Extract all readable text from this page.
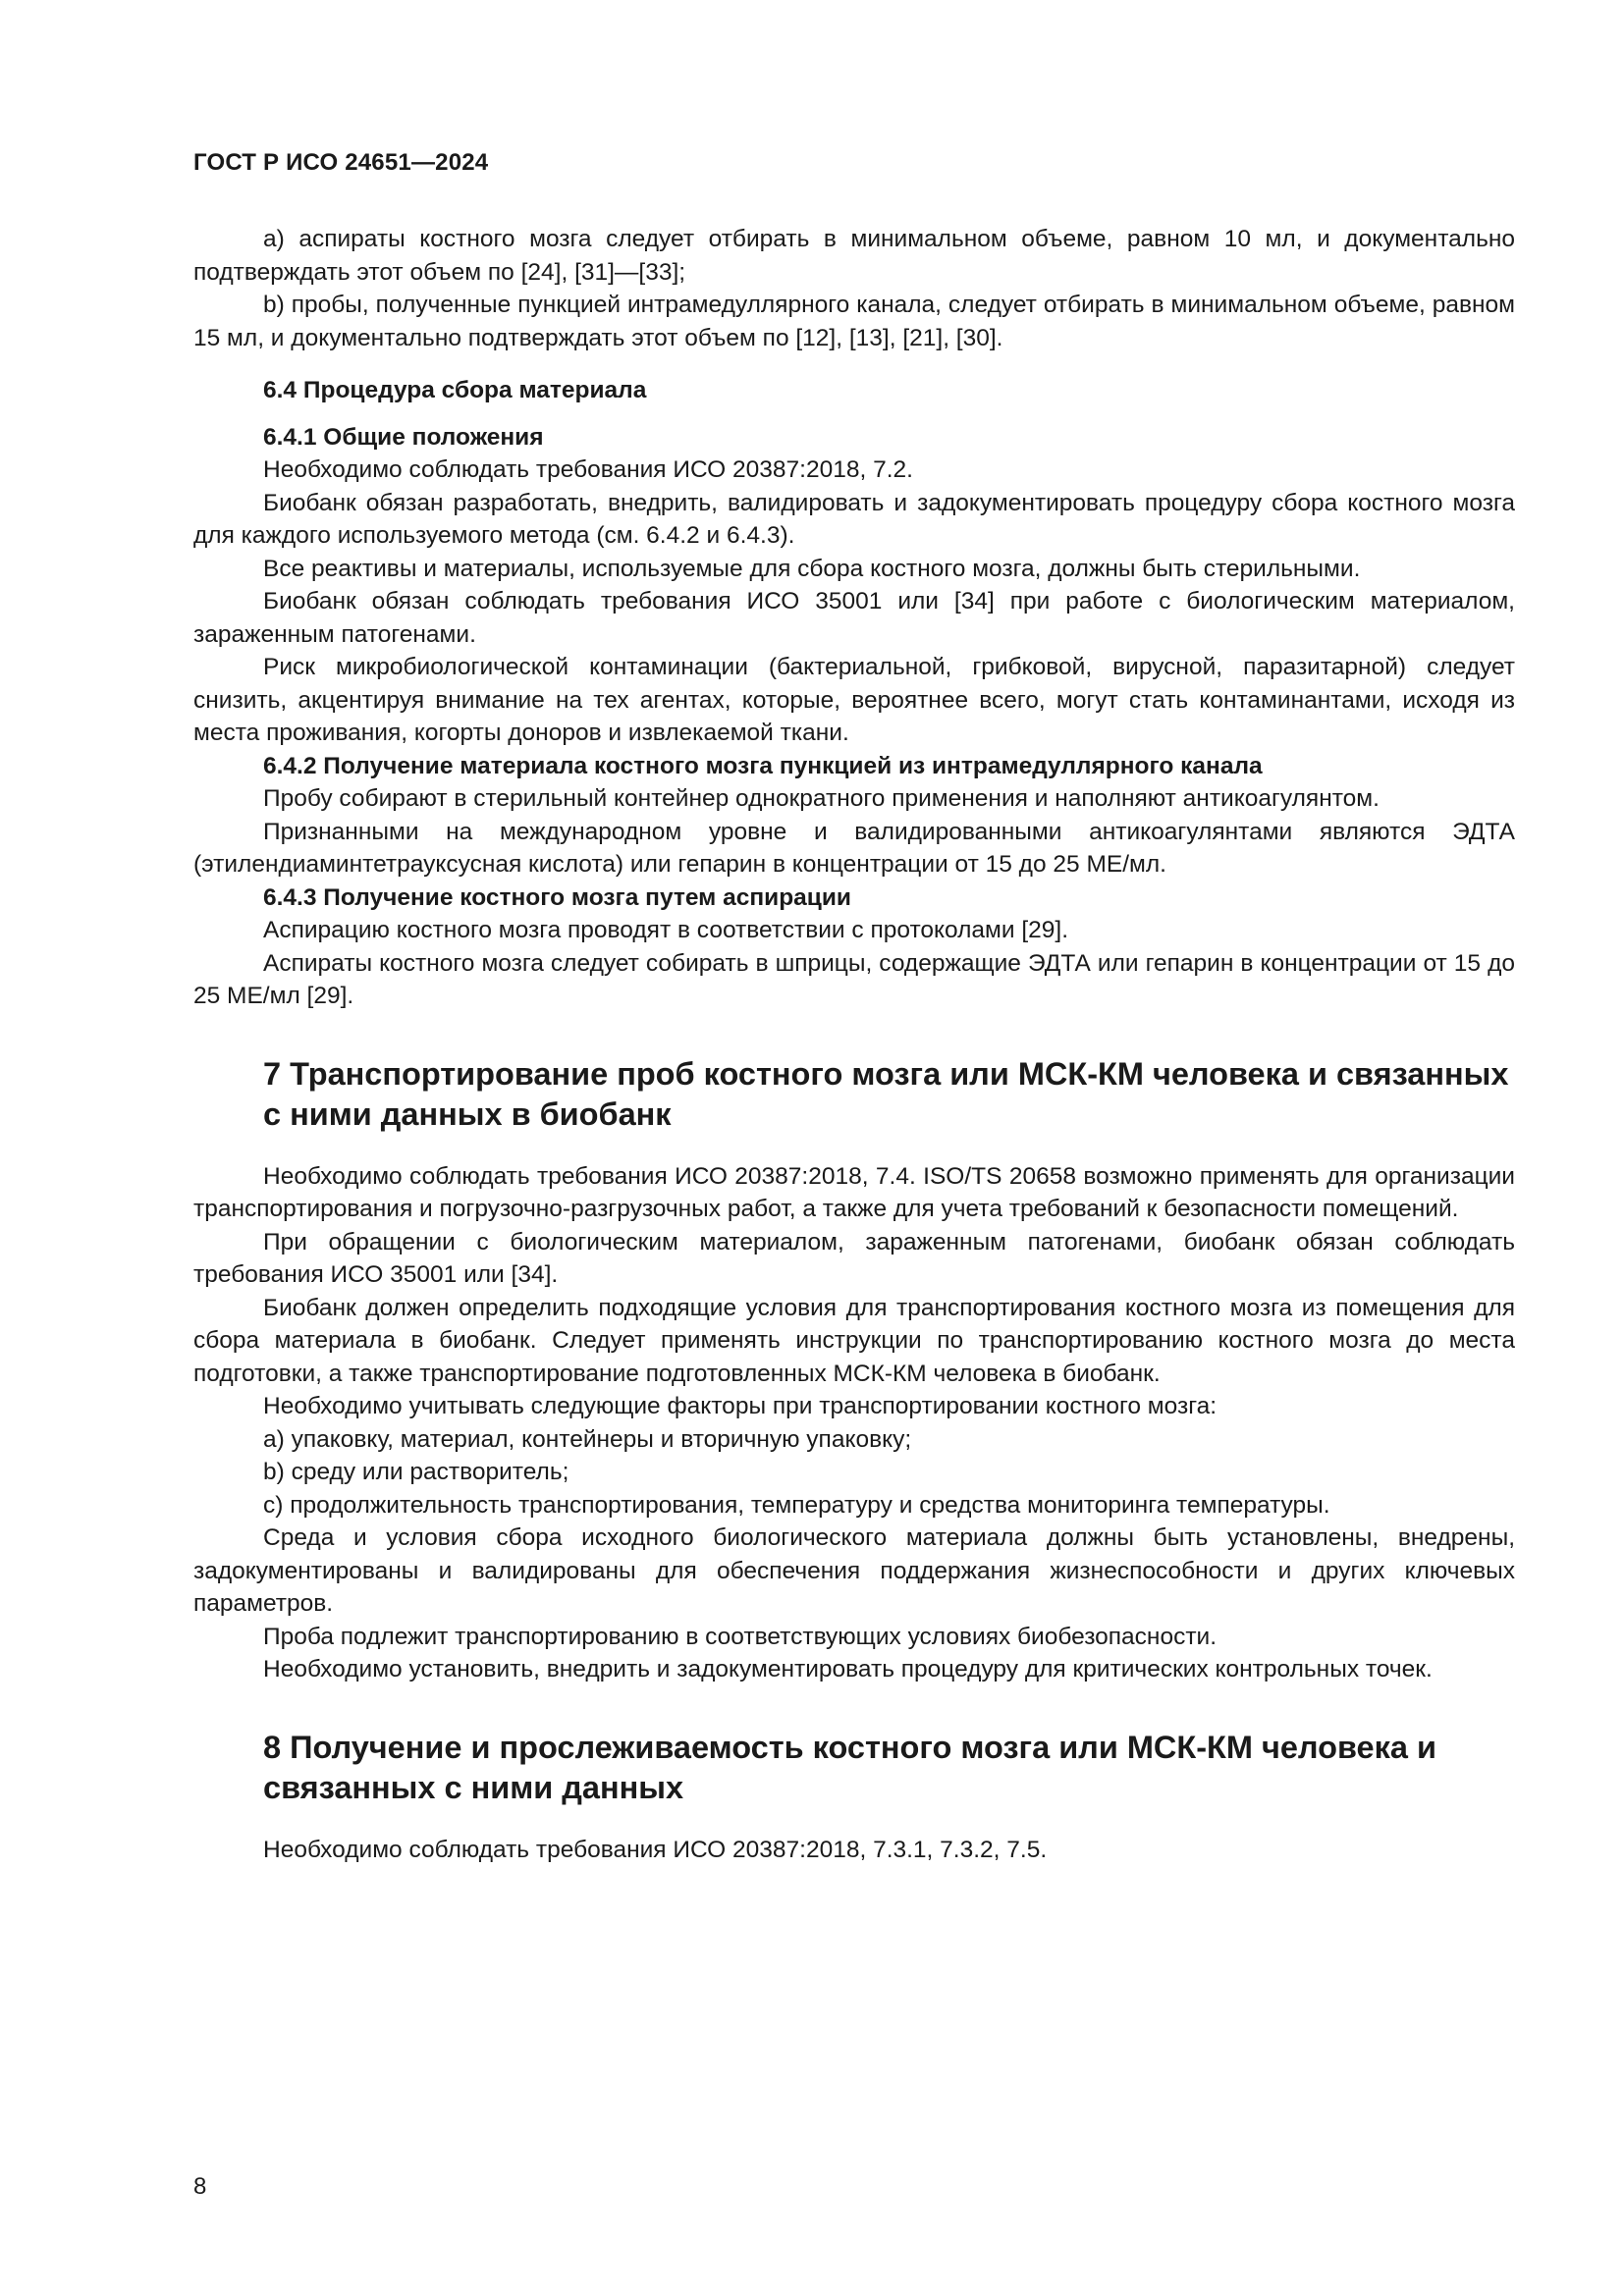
ГОСТ Р ИСО 24651—2024

a) аспираты костного мозга следует отбирать в минимальном объеме, равном 10 мл, и документально подтверждать этот объем по [24], [31]—[33];

b) пробы, полученные пункцией интрамедуллярного канала, следует отбирать в минимальном объеме, равном 15 мл, и документально подтверждать этот объем по [12], [13], [21], [30].

6.4 Процедура сбора материала

6.4.1 Общие положения

Необходимо соблюдать требования ИСО 20387:2018, 7.2.

Биобанк обязан разработать, внедрить, валидировать и задокументировать процедуру сбора костного мозга для каждого используемого метода (см. 6.4.2 и 6.4.3).

Все реактивы и материалы, используемые для сбора костного мозга, должны быть стерильными.

Биобанк обязан соблюдать требования ИСО 35001 или [34] при работе с биологическим материалом, зараженным патогенами.

Риск микробиологической контаминации (бактериальной, грибковой, вирусной, паразитарной) следует снизить, акцентируя внимание на тех агентах, которые, вероятнее всего, могут стать контаминантами, исходя из места проживания, когорты доноров и извлекаемой ткани.

6.4.2 Получение материала костного мозга пункцией из интрамедуллярного канала

Пробу собирают в стерильный контейнер однократного применения и наполняют антикоагулянтом.

Признанными на международном уровне и валидированными антикоагулянтами являются ЭДТА (этилендиаминтетрауксусная кислота) или гепарин в концентрации от 15 до 25 МЕ/мл.

6.4.3 Получение костного мозга путем аспирации

Аспирацию костного мозга проводят в соответствии с протоколами [29].

Аспираты костного мозга следует собирать в шприцы, содержащие ЭДТА или гепарин в концентрации от 15 до 25 МЕ/мл [29].

7 Транспортирование проб костного мозга или МСК-КМ человека и связанных с ними данных в биобанк

Необходимо соблюдать требования ИСО 20387:2018, 7.4. ISO/TS 20658 возможно применять для организации транспортирования и погрузочно-разгрузочных работ, а также для учета требований к безопасности помещений.

При обращении с биологическим материалом, зараженным патогенами, биобанк обязан соблюдать требования ИСО 35001 или [34].

Биобанк должен определить подходящие условия для транспортирования костного мозга из помещения для сбора материала в биобанк. Следует применять инструкции по транспортированию костного мозга до места подготовки, а также транспортирование подготовленных МСК-КМ человека в биобанк.

Необходимо учитывать следующие факторы при транспортировании костного мозга:

a) упаковку, материал, контейнеры и вторичную упаковку;

b) среду или растворитель;

c) продолжительность транспортирования, температуру и средства мониторинга температуры.

Среда и условия сбора исходного биологического материала должны быть установлены, внедрены, задокументированы и валидированы для обеспечения поддержания жизнеспособности и других ключевых параметров.

Проба подлежит транспортированию в соответствующих условиях биобезопасности.

Необходимо установить, внедрить и задокументировать процедуру для критических контрольных точек.

8 Получение и прослеживаемость костного мозга или МСК-КМ человека и связанных с ними данных

Необходимо соблюдать требования ИСО 20387:2018, 7.3.1, 7.3.2, 7.5.

8
